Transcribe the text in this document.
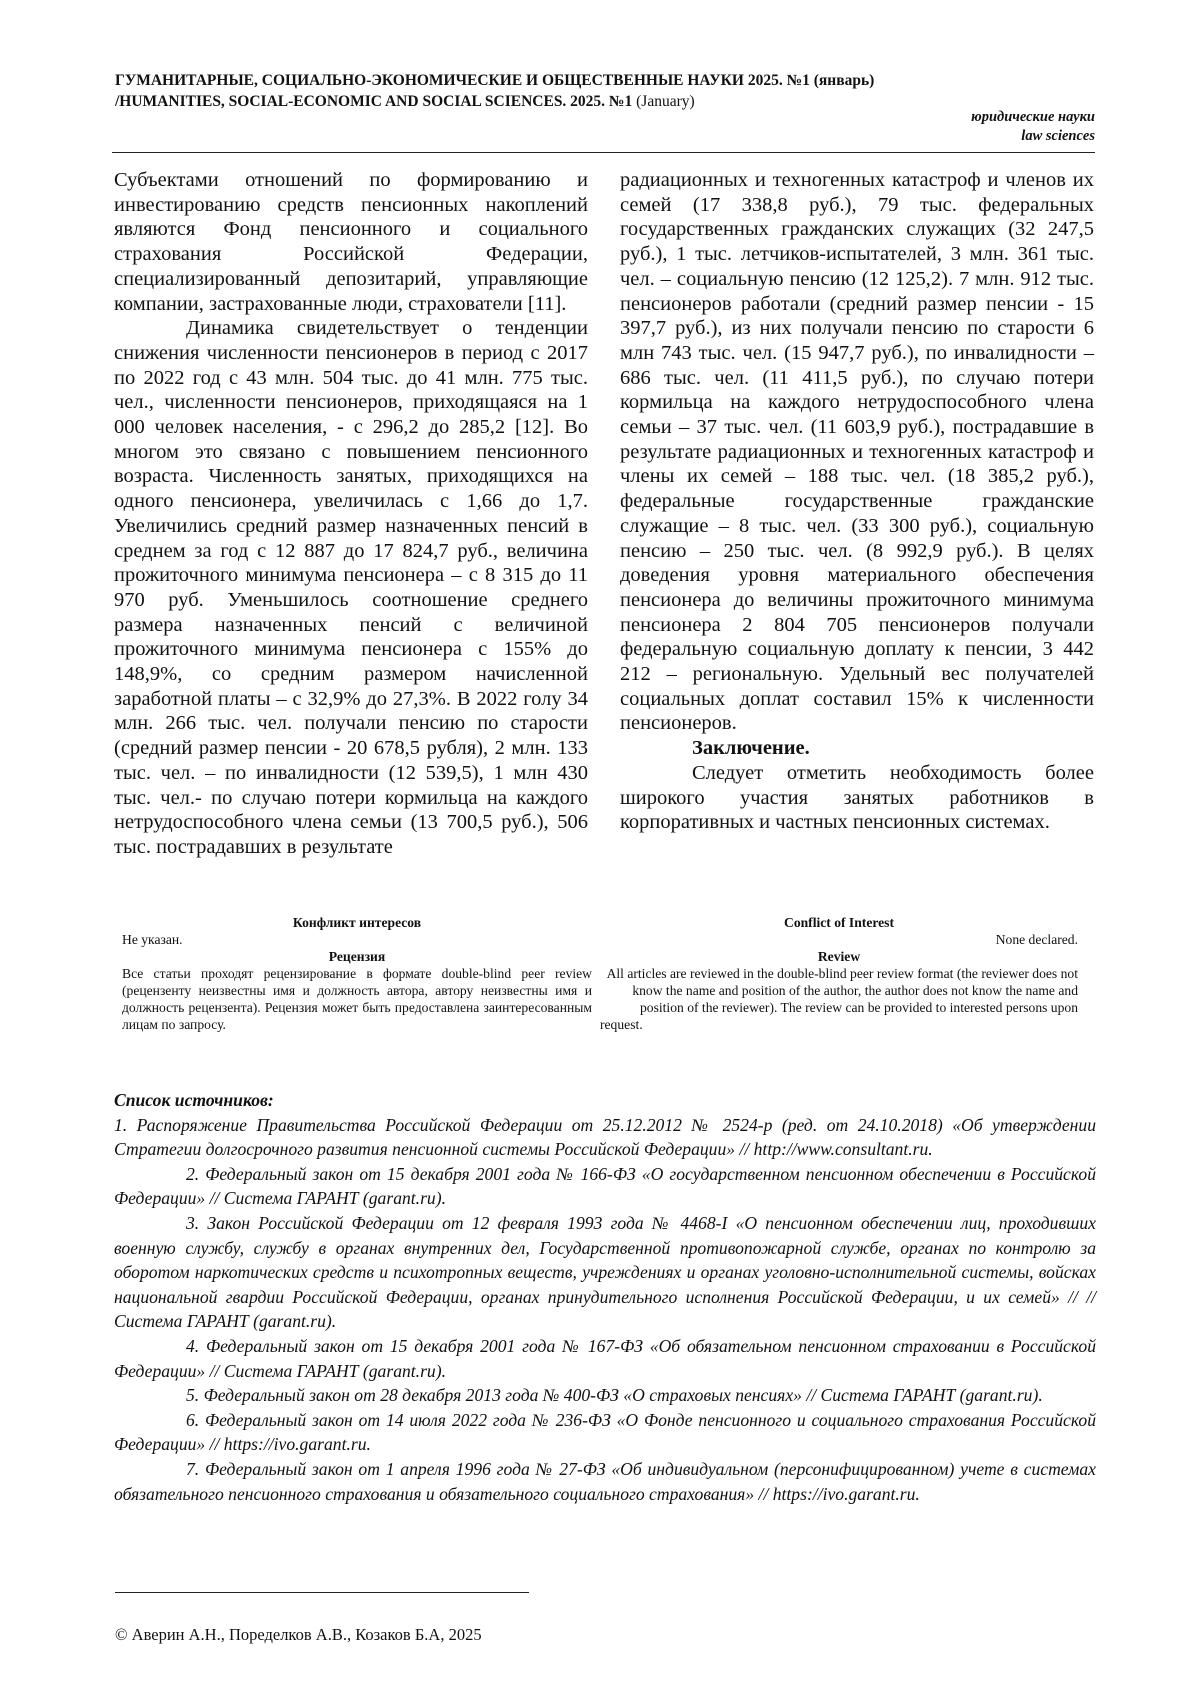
ГУМАНИТАРНЫЕ, СОЦИАЛЬНО-ЭКОНОМИЧЕСКИЕ И ОБЩЕСТВЕННЫЕ НАУКИ 2025. №1 (январь)
/HUMANITIES, SOCIAL-ECONOMIC AND SOCIAL SCIENCES. 2025. №1 (January)
юридические науки
law sciences

Субъектами отношений по формированию и инвестированию средств пенсионных накоплений являются Фонд пенсионного и социального страхования Российской Федерации, специализированный депозитарий, управляющие компании, застрахованные люди, страхователи [11].

Динамика свидетельствует о тенденции снижения численности пенсионеров в период с 2017 по 2022 год с 43 млн. 504 тыс. до 41 млн. 775 тыс. чел., численности пенсионеров, приходящаяся на 1 000 человек населения, - с 296,2 до 285,2 [12]. Во многом это связано с повышением пенсионного возраста. Численность занятых, приходящихся на одного пенсионера, увеличилась с 1,66 до 1,7. Увеличились средний размер назначенных пенсий в среднем за год с 12 887 до 17 824,7 руб., величина прожиточного минимума пенсионера – с 8 315 до 11 970 руб. Уменьшилось соотношение среднего размера назначенных пенсий с величиной прожиточного минимума пенсионера с 155% до 148,9%, со средним размером начисленной заработной платы – с 32,9% до 27,3%. В 2022 голу 34 млн. 266 тыс. чел. получали пенсию по старости (средний размер пенсии - 20 678,5 рубля), 2 млн. 133 тыс. чел. – по инвалидности (12 539,5), 1 млн 430 тыс. чел.- по случаю потери кормильца на каждого нетрудоспособного члена семьи (13 700,5 руб.), 506 тыс. пострадавших в результате

радиационных и техногенных катастроф и членов их семей (17 338,8 руб.), 79 тыс. федеральных государственных гражданских служащих (32 247,5 руб.), 1 тыс. летчиков-испытателей, 3 млн. 361 тыс. чел. – социальную пенсию (12 125,2). 7 млн. 912 тыс. пенсионеров работали (средний размер пенсии - 15 397,7 руб.), из них получали пенсию по старости 6 млн 743 тыс. чел. (15 947,7 руб.), по инвалидности – 686 тыс. чел. (11 411,5 руб.), по случаю потери кормильца на каждого нетрудоспособного члена семьи – 37 тыс. чел. (11 603,9 руб.), пострадавшие в результате радиационных и техногенных катастроф и члены их семей – 188 тыс. чел. (18 385,2 руб.), федеральные государственные гражданские служащие – 8 тыс. чел. (33 300 руб.), социальную пенсию – 250 тыс. чел. (8 992,9 руб.). В целях доведения уровня материального обеспечения пенсионера до величины прожиточного минимума пенсионера 2 804 705 пенсионеров получали федеральную социальную доплату к пенсии, 3 442 212 – региональную. Удельный вес получателей социальных доплат составил 15% к численности пенсионеров.

Заключение.

Следует отметить необходимость более широкого участия занятых работников в корпоративных и частных пенсионных системах.

Конфликт интересов
Не указан.
Рецензия
Все статьи проходят рецензирование в формате double-blind peer review (рецензенту неизвестны имя и должность автора, автору неизвестны имя и должность рецензента). Рецензия может быть предоставлена заинтересованным лицам по запросу.
Conflict of Interest
None declared.
Review
All articles are reviewed in the double-blind peer review format (the reviewer does not know the name and position of the author, the author does not know the name and position of the reviewer). The review can be provided to interested persons upon request.

Список источников:

1. Распоряжение Правительства Российской Федерации от 25.12.2012 № 2524-р (ред. от 24.10.2018) «Об утверждении Стратегии долгосрочного развития пенсионной системы Российской Федерации» // http://www.consultant.ru.

2. Федеральный закон от 15 декабря 2001 года № 166-ФЗ «О государственном пенсионном обеспечении в Российской Федерации» // Система ГАРАНТ (garant.ru).

3. Закон Российской Федерации от 12 февраля 1993 года № 4468-I «О пенсионном обеспечении лиц, проходивших военную службу, службу в органах внутренних дел, Государственной противопожарной службе, органах по контролю за оборотом наркотических средств и психотропных веществ, учреждениях и органах уголовно-исполнительной системы, войсках национальной гвардии Российской Федерации, органах принудительного исполнения Российской Федерации, и их семей» // // Система ГАРАНТ (garant.ru).

4. Федеральный закон от 15 декабря 2001 года № 167-ФЗ «Об обязательном пенсионном страховании в Российской Федерации» // Система ГАРАНТ (garant.ru).

5. Федеральный закон от 28 декабря 2013 года № 400-ФЗ «О страховых пенсиях» // Система ГАРАНТ (garant.ru).

6. Федеральный закон от 14 июля 2022 года № 236-ФЗ «О Фонде пенсионного и социального страхования Российской Федерации» // https://ivo.garant.ru.

7. Федеральный закон от 1 апреля 1996 года № 27-ФЗ «Об индивидуальном (персонифицированном) учете в системах обязательного пенсионного страхования и обязательного социального страхования» // https://ivo.garant.ru.

© Аверин А.Н., Поределков А.В., Козаков Б.А, 2025
